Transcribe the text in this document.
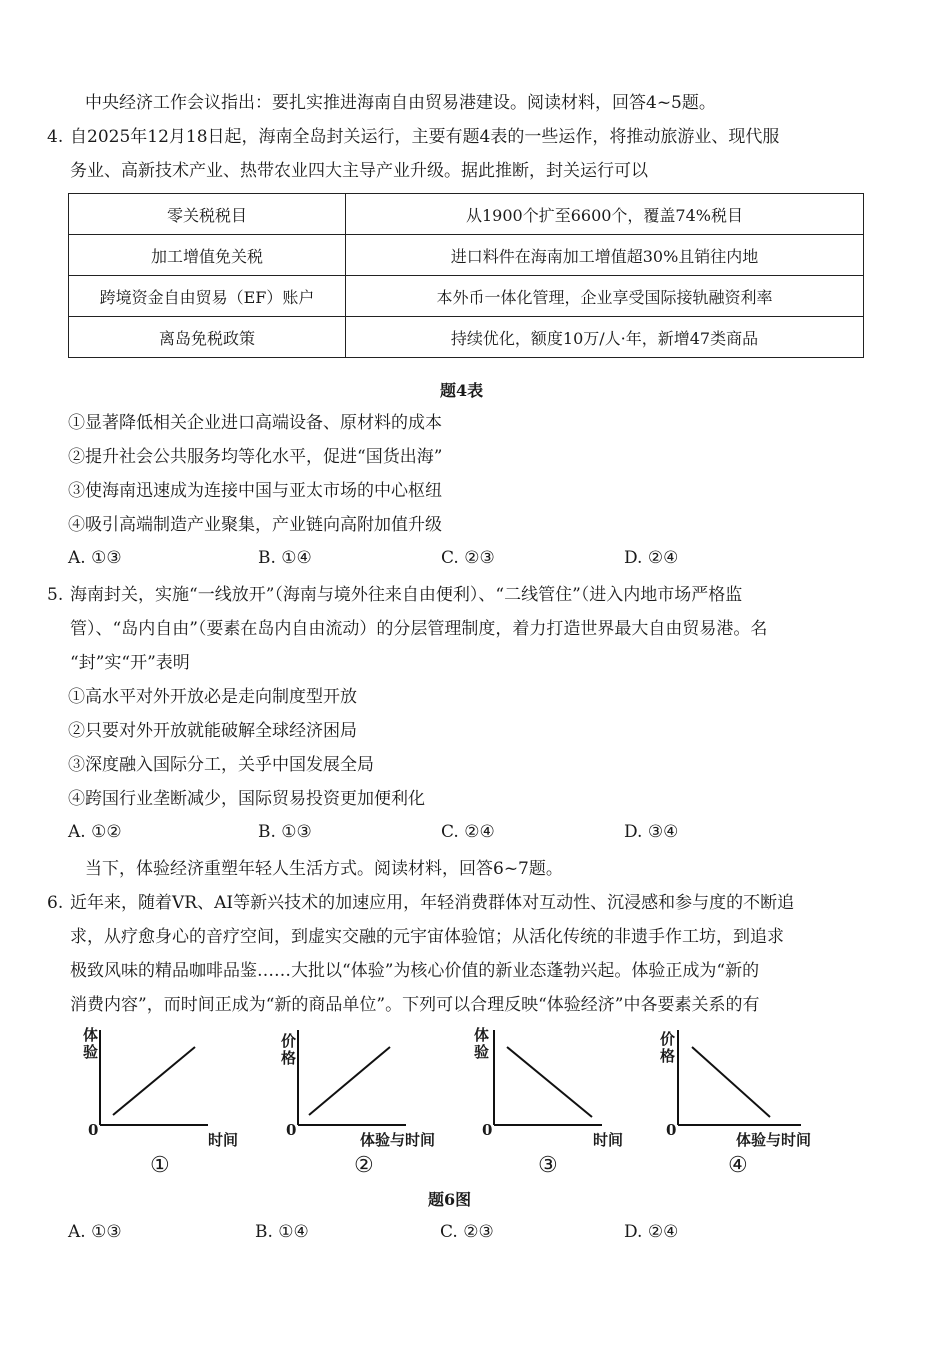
中央经济工作会议指出：要扎实推进海南自由贸易港建设。阅读材料，回答4~5题。
4. 自2025年12月18日起，海南全岛封关运行，主要有题4表的一些运作，将推动旅游业、现代服
务业、高新技术产业、热带农业四大主导产业升级。据此推断，封关运行可以
零关税税目	从1900个扩至6600个，覆盖74%税目
加工增值免关税	进口料件在海南加工增值超30%且销往内地
跨境资金自由贸易（EF）账户	本外币一体化管理，企业享受国际接轨融资利率
离岛免税政策	持续优化，额度10万/人·年，新增47类商品
题4表
①显著降低相关企业进口高端设备、原材料的成本
②提升社会公共服务均等化水平，促进“国货出海”
③使海南迅速成为连接中国与亚太市场的中心枢纽
④吸引高端制造产业聚集，产业链向高附加值升级
A. ①③	B. ①④	C. ②③	D. ②④
5. 海南封关，实施“一线放开”（海南与境外往来自由便利）、“二线管住”（进入内地市场严格监
管）、“岛内自由”（要素在岛内自由流动）的分层管理制度，着力打造世界最大自由贸易港。名
“封”实“开”表明
①高水平对外开放必是走向制度型开放
②只要对外开放就能破解全球经济困局
③深度融入国际分工，关乎中国发展全局
④跨国行业垄断减少，国际贸易投资更加便利化
A. ①②	B. ①③	C. ②④	D. ③④
当下，体验经济重塑年轻人生活方式。阅读材料，回答6~7题。
6. 近年来，随着VR、AI等新兴技术的加速应用，年轻消费群体对互动性、沉浸感和参与度的不断追
求，从疗愈身心的音疗空间，到虚实交融的元宇宙体验馆；从活化传统的非遗手作工坊，到追求
极致风味的精品咖啡品鉴……大批以“体验”为核心价值的新业态蓬勃兴起。体验正成为“新的
消费内容”，而时间正成为“新的商品单位”。下列可以合理反映“体验经济”中各要素关系的有
体验
0
时间
①
价格
0
体验与时间
②
体验
0
时间
③
价格
0
体验与时间
④
题6图
A. ①③	B. ①④	C. ②③	D. ②④
